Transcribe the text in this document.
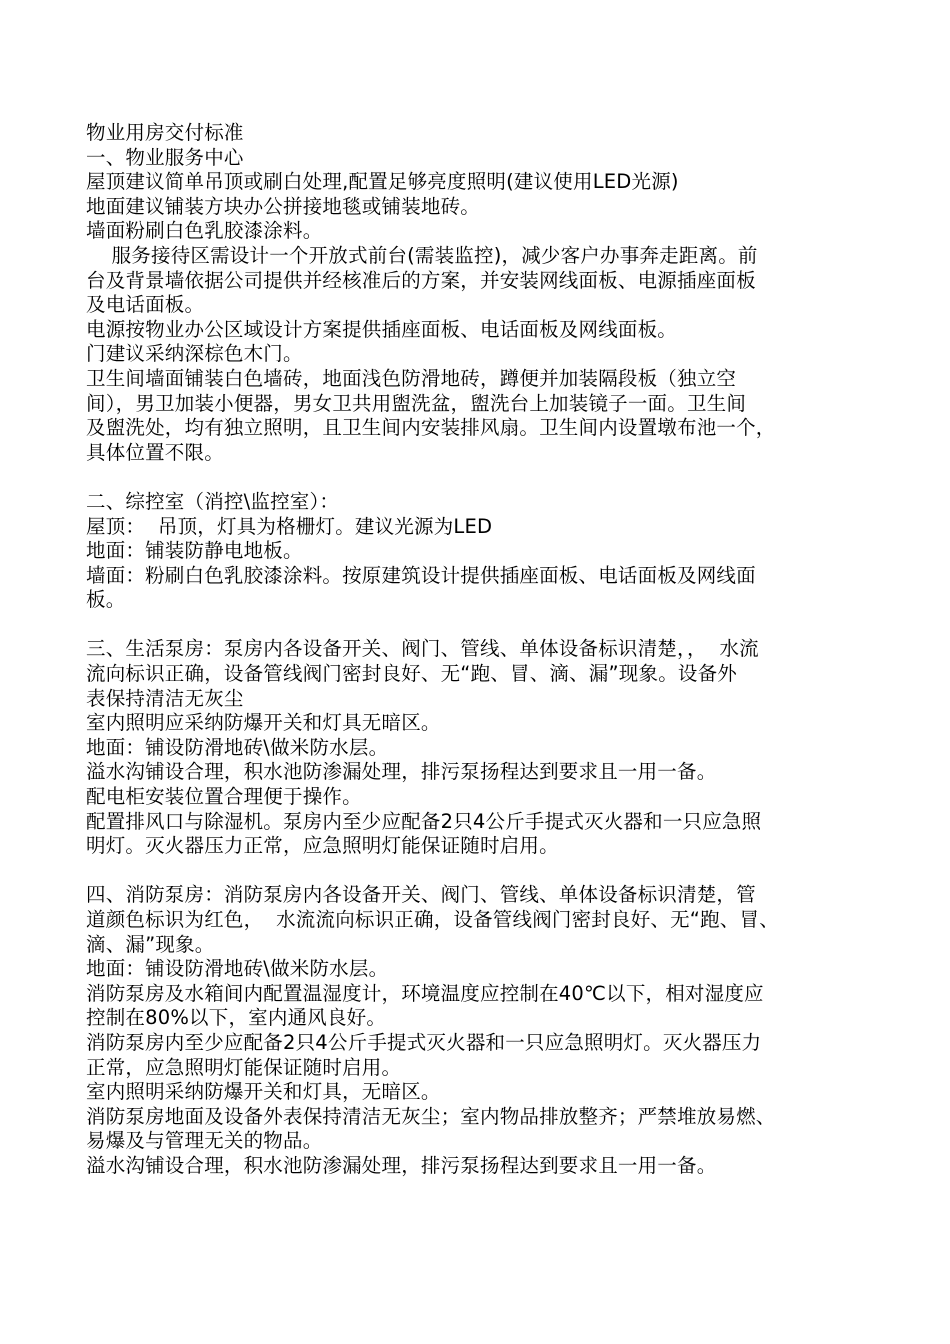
物业用房交付标准
一、物业服务中心
屋顶建议简单吊顶或刷白处理,配置足够亮度照明(建议使用LED光源)
地面建议铺装方块办公拼接地毯或铺装地砖。
墙面粉刷白色乳胶漆涂料。
服务接待区需设计一个开放式前台(需装监控)，减少客户办事奔走距离。前
台及背景墙依据公司提供并经核准后的方案，并安装网线面板、电源插座面板
及电话面板。
电源按物业办公区域设计方案提供插座面板、电话面板及网线面板。
门建议采纳深棕色木门。
卫生间墙面铺装白色墙砖，地面浅色防滑地砖，蹲便并加装隔段板（独立空
间），男卫加装小便器，男女卫共用盥洗盆，盥洗台上加装镜子一面。卫生间
及盥洗处，均有独立照明，且卫生间内安装排风扇。卫生间内设置墩布池一个，
具体位置不限。
二、综控室（消控\监控室）：
屋顶：  吊顶，灯具为格栅灯。建议光源为LED
地面：铺装防静电地板。
墙面：粉刷白色乳胶漆涂料。按原建筑设计提供插座面板、电话面板及网线面
板。
三、生活泵房：泵房内各设备开关、阀门、管线、单体设备标识清楚，，  水流
流向标识正确，设备管线阀门密封良好、无“跑、冒、滴、漏”现象。设备外
表保持清洁无灰尘
室内照明应采纳防爆开关和灯具无暗区。
地面：铺设防滑地砖\做米防水层。
溢水沟铺设合理，积水池防渗漏处理，排污泵扬程达到要求且一用一备。
配电柜安装位置合理便于操作。
配置排风口与除湿机。泵房内至少应配备2只4公斤手提式灭火器和一只应急照
明灯。灭火器压力正常，应急照明灯能保证随时启用。
四、消防泵房：消防泵房内各设备开关、阀门、管线、单体设备标识清楚，管
道颜色标识为红色，  水流流向标识正确，设备管线阀门密封良好、无“跑、冒、
滴、漏”现象。
地面：铺设防滑地砖\做米防水层。
消防泵房及水箱间内配置温湿度计，环境温度应控制在40℃以下，相对湿度应
控制在80%以下，室内通风良好。
消防泵房内至少应配备2只4公斤手提式灭火器和一只应急照明灯。灭火器压力
正常，应急照明灯能保证随时启用。
室内照明采纳防爆开关和灯具，无暗区。
消防泵房地面及设备外表保持清洁无灰尘；室内物品排放整齐；严禁堆放易燃、
易爆及与管理无关的物品。
溢水沟铺设合理，积水池防渗漏处理，排污泵扬程达到要求且一用一备。
